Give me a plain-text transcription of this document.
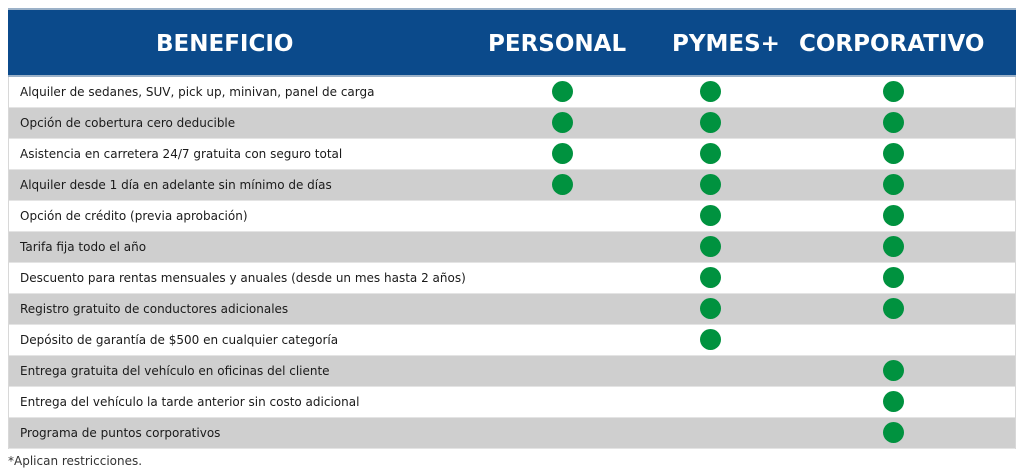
BENEFICIO	PERSONAL PYMES+ CORPORATIVO
Alquiler de sedanes, SUV, pick up, minivan, panel de carga
Opción de cobertura cero deducible
Asistencia en carretera 24/7 gratuita con seguro total
Alquiler desde 1 día en adelante sin mínimo de días
Opción de crédito (previa aprobación)
Tarifa fija todo el año
Descuento para rentas mensuales y anuales (desde un mes hasta 2 años)
Registro gratuito de conductores adicionales
Depósito de garantía de $500 en cualquier categoría
Entrega gratuita del vehículo en oficinas del cliente
Entrega del vehículo la tarde anterior sin costo adicional
Programa de puntos corporativos
*Aplican restricciones.
